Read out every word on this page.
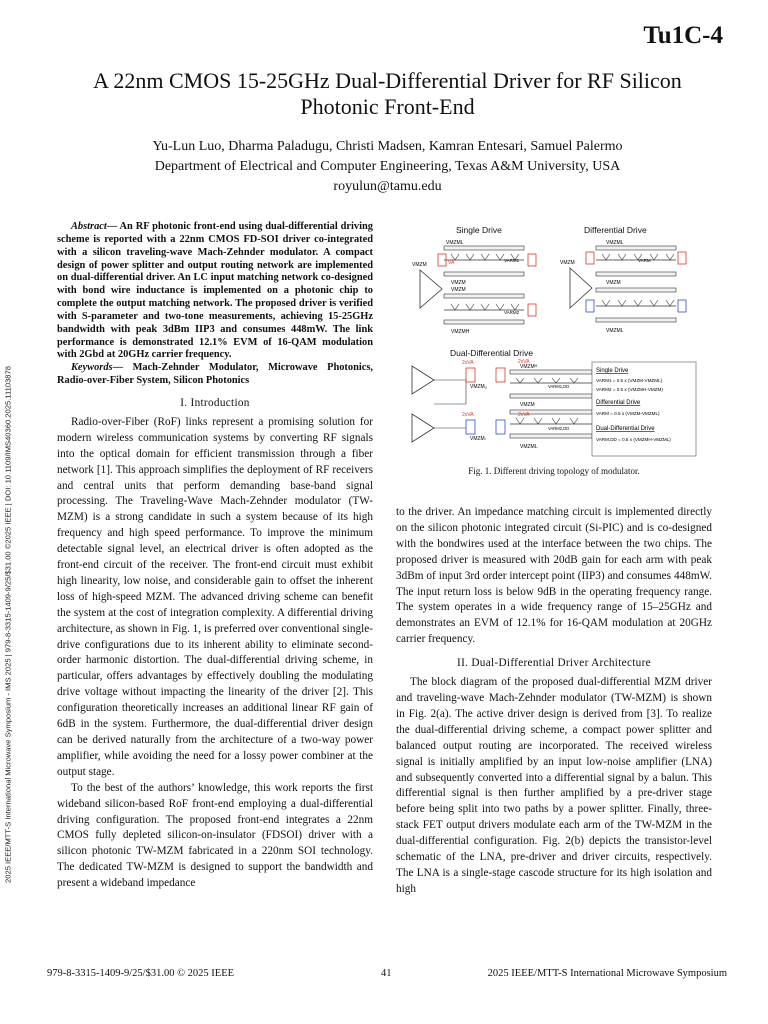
Tu1C-4
A 22nm CMOS 15-25GHz Dual-Differential Driver for RF Silicon
Photonic Front-End
Yu-Lun Luo, Dharma Paladugu, Christi Madsen, Kamran Entesari, Samuel Palermo
Department of Electrical and Computer Engineering, Texas A&M University, USA
royulun@tamu.edu
2025 IEEE/MTT-S International Microwave Symposium - IMS 2025 | 979-8-3315-1409-9/25/$31.00 ©2025 IEEE | DOI: 10.1109/IMS40360.2025.11103878
Abstract— An RF photonic front-end using dual-differential driving scheme is reported with a 22nm CMOS FD-SOI driver co-integrated with a silicon traveling-wave Mach-Zehnder modulator. A compact design of power splitter and output routing network are implemented on dual-differential driver. An LC input matching network co-designed with bond wire inductance is implemented on a photonic chip to complete the output matching network. The proposed driver is verified with S-parameter and two-tone measurements, achieving 15-25GHz bandwidth with peak 3dBm IIP3 and consumes 448mW. The link performance is demonstrated 12.1% EVM of 16-QAM modulation with 2Gbd at 20GHz carrier frequency.
Keywords— Mach-Zehnder Modulator, Microwave Photonics, Radio-over-Fiber System, Silicon Photonics
I. Introduction

Radio-over-Fiber (RoF) links represent a promising solution for modern wireless communication systems by converting RF signals into the optical domain for efficient transmission through a fiber network [1]. This approach simplifies the deployment of RF receivers and central units that perform demanding base-band signal processing. The Traveling-Wave Mach-Zehnder modulator (TW-MZM) is a strong candidate in such a system because of its high frequency and high speed performance. To improve the minimum detectable signal level, an electrical driver is often adopted as the front-end circuit of the receiver. The front-end circuit must exhibit high linearity, low noise, and considerable gain to offset the inherent loss of high-speed MZM. The advanced driving scheme can benefit the system at the cost of integration complexity. A differential driving architecture, as shown in Fig. 1, is preferred over conventional single-drive configurations due to its inherent ability to eliminate second-order harmonic distortion. The dual-differential driving scheme, in particular, offers advantages by effectively doubling the modulating drive voltage without impacting the linearity of the driver [2]. This configuration theoretically increases an additional linear RF gain of 6dB in the system. Furthermore, the dual-differential driver design can be derived naturally from the architecture of a two-way power amplifier, while avoiding the need for a lossy power combiner at the output stage.

To the best of the authors’ knowledge, this work reports the first wideband silicon-based RoF front-end employing a dual-differential driving configuration. The proposed front-end integrates a 22nm CMOS fully depleted silicon-on-insulator (FDSOI) driver with a silicon photonic TW-MZM fabricated in a 220nm SOI technology. The dedicated TW-MZM is designed to support the bandwidth and present a wideband impedance

Single Drive
VMZML
VMZM
VMZM
VMZMH
VMZM	VA	VARM1
VARM2
Differential Drive
VMZML
VMZM
VMZML
VMZM	VARM
Dual-Differential Drive
VMZMᴴ
VMZM
VMZML
2xVA
VMZMᵤ
2xVA
VMZMₗ
2xVA
2xVA
VARM1,DD
VARM2,DD
Single Drive
VARM1 = 0.5 x (VMZM-VMZML)
VARM2 = 0.5 x (VMZMH-VMZM)
Differential Drive
VARM = 0.5 x (VMZM-VMZML)
Dual-Differential Drive
VARM,DD = 0.5 x (VMZMH-VMZML)
Fig. 1. Different driving topology of modulator.

to the driver. An impedance matching circuit is implemented directly on the silicon photonic integrated circuit (Si-PIC) and is co-designed with the bondwires used at the interface between the two chips. The proposed driver is measured with 20dB gain for each arm with peak 3dBm of input 3rd order intercept point (IIP3) and consumes 448mW. The input return loss is below 9dB in the operating frequency range. The system operates in a wide frequency range of 15–25GHz and demonstrates an EVM of 12.1% for 16-QAM modulation at 20GHz carrier frequency.

II. Dual-Differential Driver Architecture

The block diagram of the proposed dual-differential MZM driver and traveling-wave Mach-Zehnder modulator (TW-MZM) is shown in Fig. 2(a). The active driver design is derived from [3]. To realize the dual-differential driving scheme, a compact power splitter and balanced output routing are incorporated. The received wireless signal is initially amplified by an input low-noise amplifier (LNA) and subsequently converted into a differential signal by a balun. This differential signal is then further amplified by a pre-driver stage before being split into two paths by a power splitter. Finally, three-stack FET output drivers modulate each arm of the TW-MZM in the dual-differential configuration. Fig. 2(b) depicts the transistor-level schematic of the LNA, pre-driver and driver circuits, respectively. The LNA is a single-stage cascode structure for its high isolation and high

979-8-3315-1409-9/25/$31.00 © 2025 IEEE	41	2025 IEEE/MTT-S International Microwave Symposium
